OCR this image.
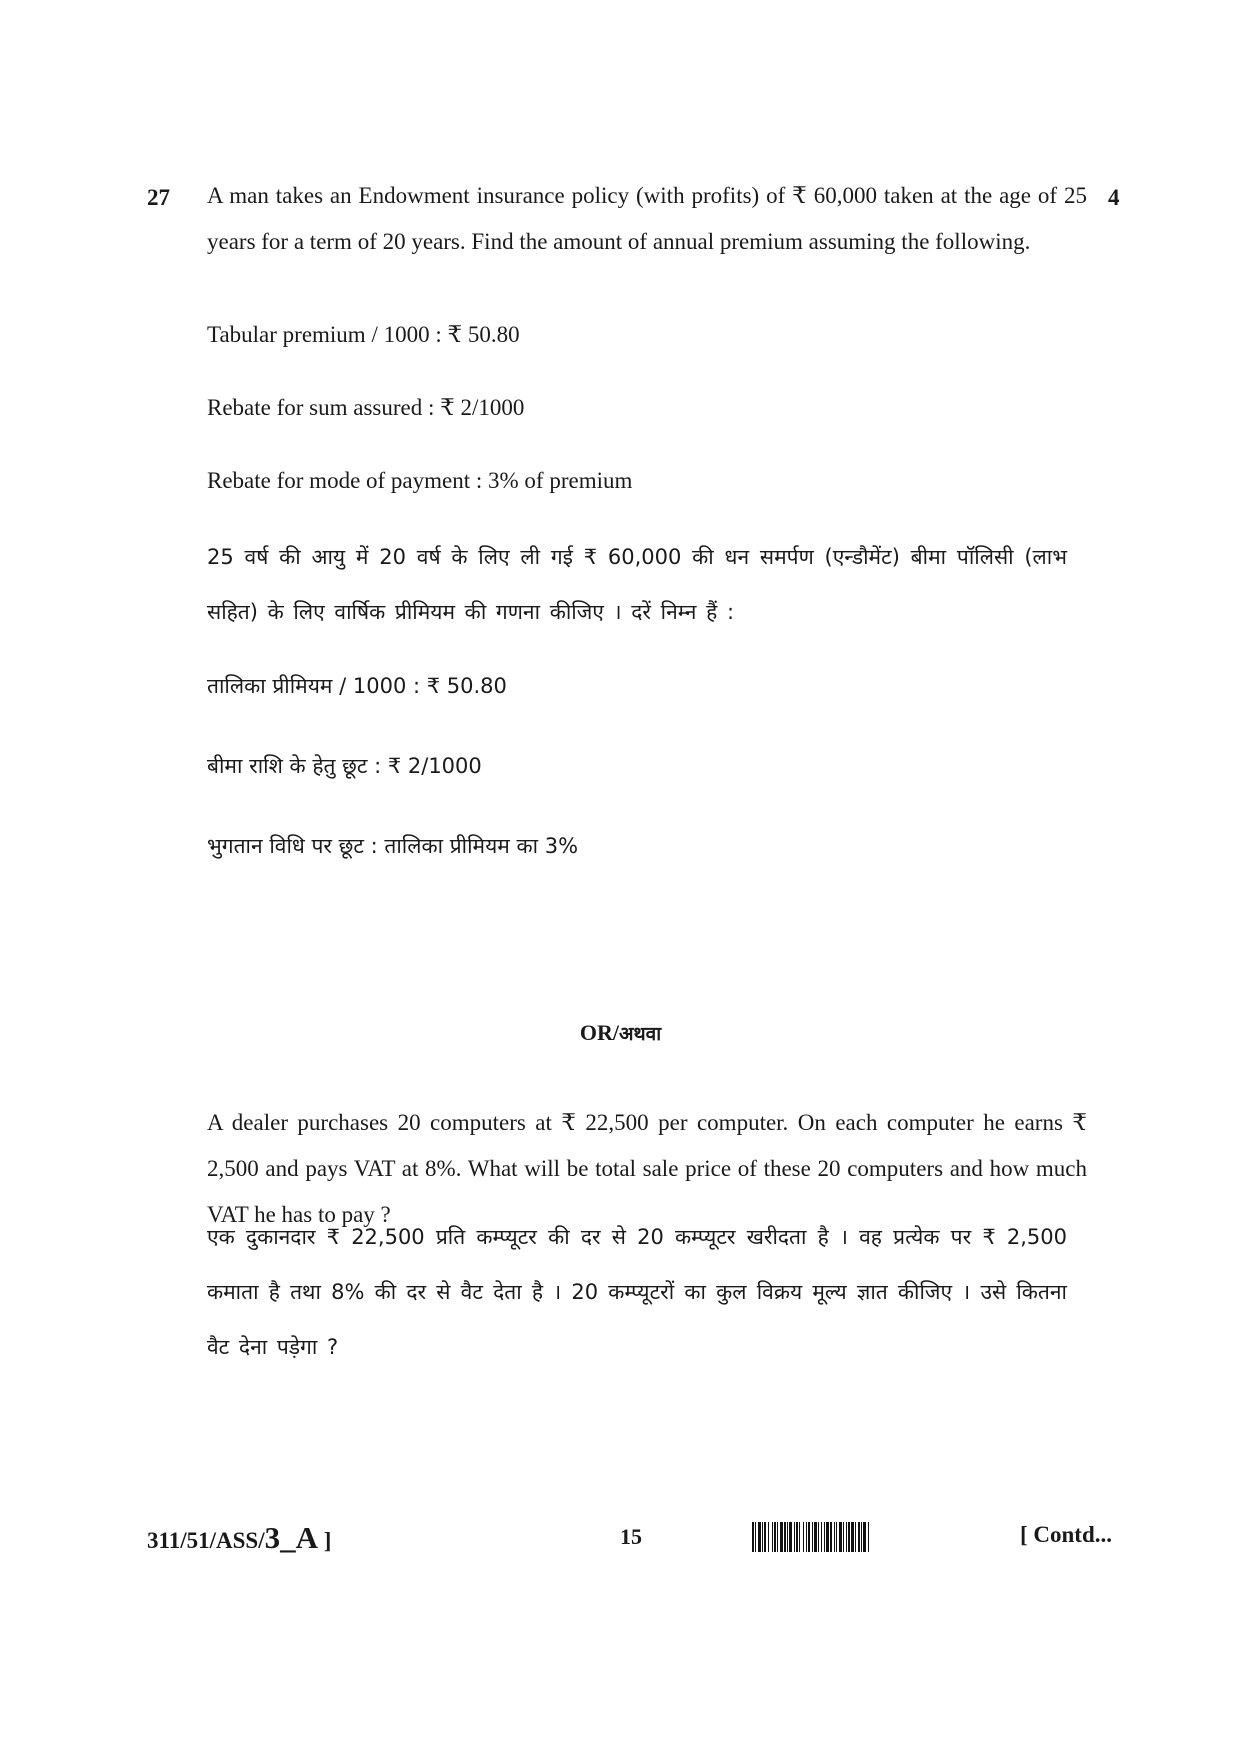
27	4
A man takes an Endowment insurance policy (with profits) of ₹ 60,000 taken at the age of 25 years for a term of 20 years. Find the amount of annual premium assuming the following.
Tabular premium / 1000 : ₹ 50.80
Rebate for sum assured : ₹ 2/1000
Rebate for mode of payment : 3% of premium
25 वर्ष की आयु में 20 वर्ष के लिए ली गई ₹ 60,000 की धन समर्पण (एन्डौमेंट) बीमा पॉलिसी (लाभ सहित) के लिए वार्षिक प्रीमियम की गणना कीजिए । दरें निम्न हैं :
तालिका प्रीमियम / 1000 : ₹ 50.80
बीमा राशि के हेतु छूट : ₹ 2/1000
भुगतान विधि पर छूट : तालिका प्रीमियम का 3%
OR/अथवा
A dealer purchases 20 computers at ₹ 22,500 per computer. On each computer he earns ₹ 2,500 and pays VAT at 8%. What will be total sale price of these 20 computers and how much VAT he has to pay ?
एक दुकानदार ₹ 22,500 प्रति कम्प्यूटर की दर से 20 कम्प्यूटर खरीदता है । वह प्रत्येक पर ₹ 2,500 कमाता है तथा 8% की दर से वैट देता है । 20 कम्प्यूटरों का कुल विक्रय मूल्य ज्ञात कीजिए । उसे कितना वैट देना पड़ेगा ?
311/51/ASS/3_A ]	15	[ Contd...
